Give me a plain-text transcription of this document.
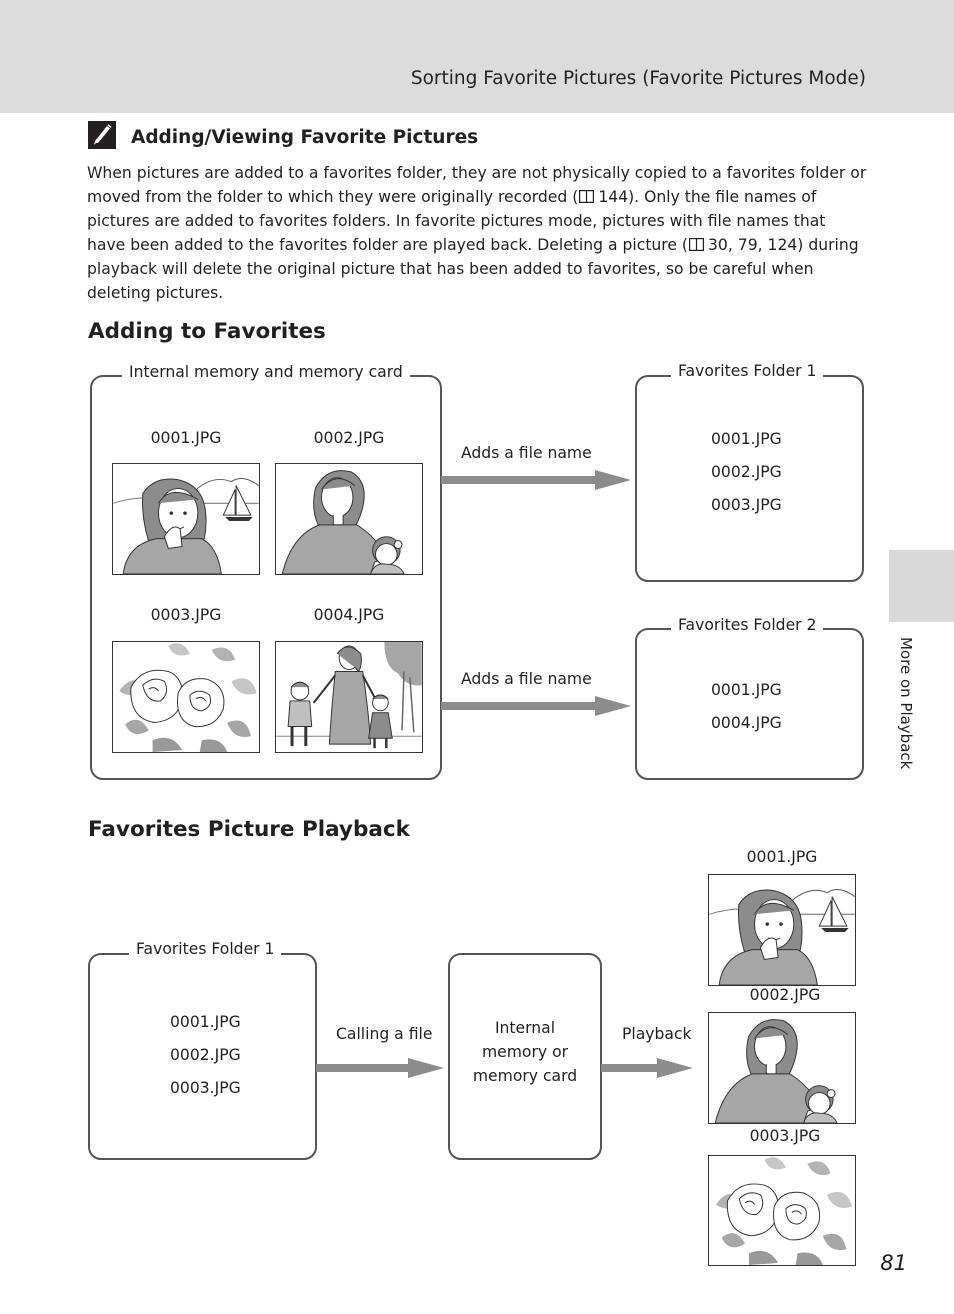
Sorting Favorite Pictures (Favorite Pictures Mode)
Adding/Viewing Favorite Pictures
When pictures are added to a favorites folder, they are not physically copied to a favorites folder or moved from the folder to which they were originally recorded ( 144). Only the file names of pictures are added to favorites folders. In favorite pictures mode, pictures with file names that have been added to the favorites folder are played back. Deleting a picture ( 30, 79, 124) during playback will delete the original picture that has been added to favorites, so be careful when deleting pictures.
Adding to Favorites
Internal memory and memory card
0001.JPG	0002.JPG
0003.JPG	0004.JPG
Adds a file name
Adds a file name
Favorites Folder 1
0001.JPG
0002.JPG
0003.JPG
Favorites Folder 2
0001.JPG
0004.JPG
Favorites Picture Playback
Favorites Folder 1
0001.JPG
0002.JPG
0003.JPG
Calling a file	Internal
memory or
memory card
Playback
0001.JPG
0002.JPG
0003.JPG
More on Playback
81
